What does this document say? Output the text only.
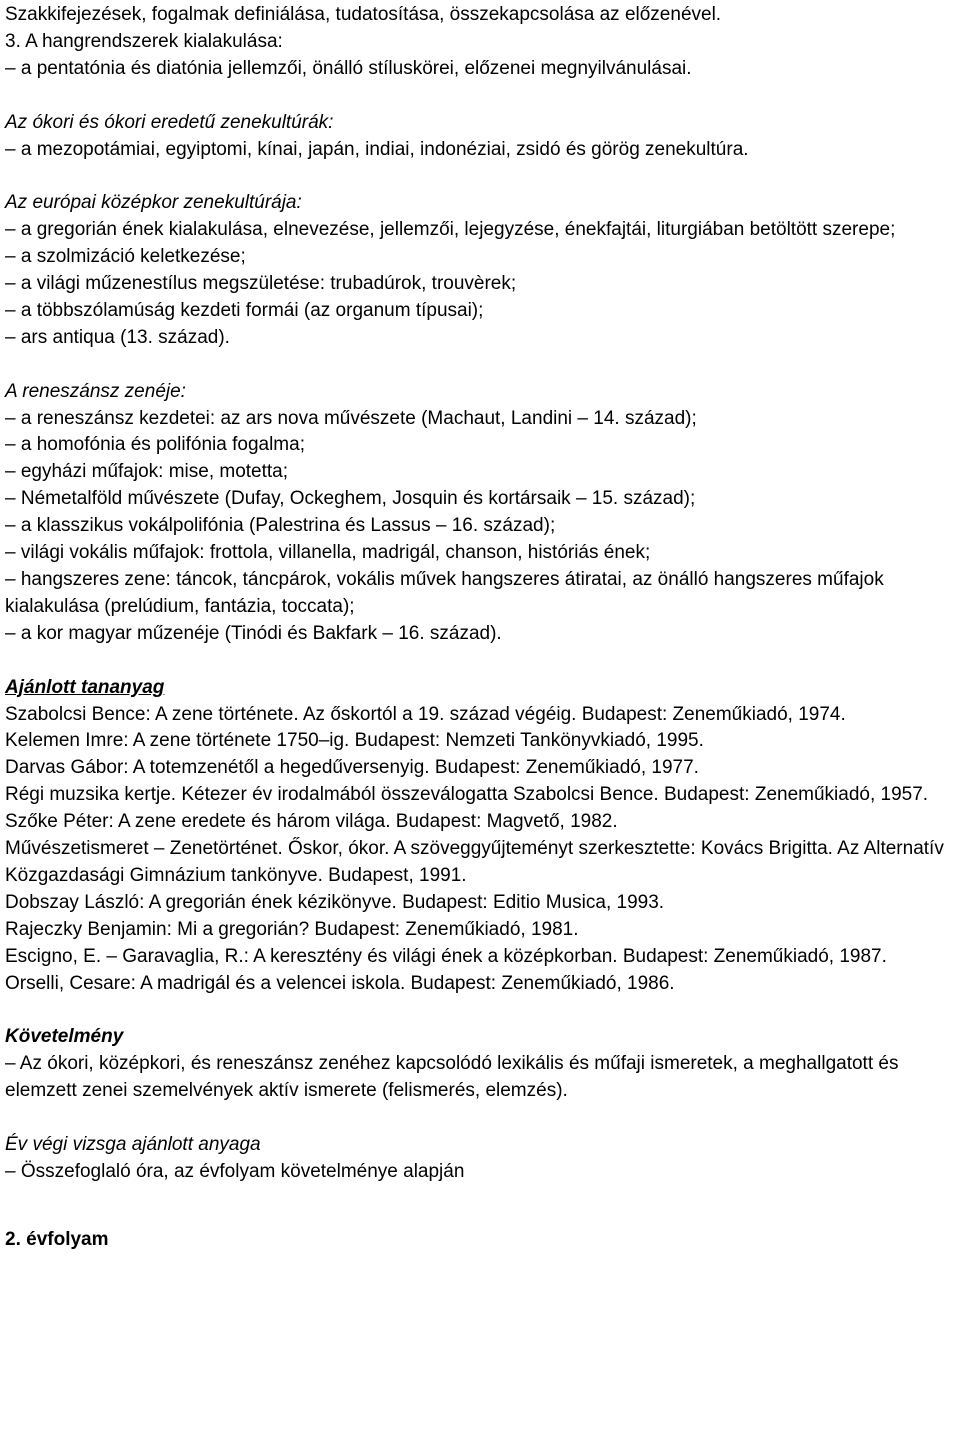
Szakkifejezések, fogalmak definiálása, tudatosítása, összekapcsolása az előzenével.
3. A hangrendszerek kialakulása:
– a pentatónia és diatónia jellemzői, önálló stíluskörei, előzenei megnyilvánulásai.
Az ókori és ókori eredetű zenekultúrák:
– a mezopotámiai, egyiptomi, kínai, japán, indiai, indonéziai, zsidó és görög zenekultúra.
Az európai középkor zenekultúrája:
– a gregorián ének kialakulása, elnevezése, jellemzői, lejegyzése, énekfajtái, liturgiában betöltött szerepe;
– a szolmizáció keletkezése;
– a világi műzenestílus megszületése: trubadúrok, trouvèrek;
– a többszólamúság kezdeti formái (az organum típusai);
– ars antiqua (13. század).
A reneszánsz zenéje:
– a reneszánsz kezdetei: az ars nova művészete (Machaut, Landini – 14. század);
– a homofónia és polifónia fogalma;
– egyházi műfajok: mise, motetta;
– Németalföld művészete (Dufay, Ockeghem, Josquin és kortársaik – 15. század);
– a klasszikus vokálpolifónia (Palestrina és Lassus – 16. század);
– világi vokális műfajok: frottola, villanella, madrigál, chanson, históriás ének;
– hangszeres zene: táncok, táncpárok, vokális művek hangszeres átiratai, az önálló hangszeres műfajok kialakulása (prelúdium, fantázia, toccata);
– a kor magyar műzenéje (Tinódi és Bakfark – 16. század).
Ajánlott tananyag
Szabolcsi Bence: A zene története. Az őskortól a 19. század végéig. Budapest: Zeneműkiadó, 1974.
Kelemen Imre: A zene története 1750–ig. Budapest: Nemzeti Tankönyvkiadó, 1995.
Darvas Gábor: A totemzenétől a hegedűversenyig. Budapest: Zeneműkiadó, 1977.
Régi muzsika kertje. Kétezer év irodalmából összeválogatta Szabolcsi Bence. Budapest: Zeneműkiadó, 1957.
Szőke Péter: A zene eredete és három világa. Budapest: Magvető, 1982.
Művészetismeret – Zenetörténet. Őskor, ókor. A szöveggyűjteményt szerkesztette: Kovács Brigitta. Az Alternatív Közgazdasági Gimnázium tankönyve. Budapest, 1991.
Dobszay László: A gregorián ének kézikönyve. Budapest: Editio Musica, 1993.
Rajeczky Benjamin: Mi a gregorián? Budapest: Zeneműkiadó, 1981.
Escigno, E. – Garavaglia, R.: A keresztény és világi ének a középkorban. Budapest: Zeneműkiadó, 1987.
Orselli, Cesare: A madrigál és a velencei iskola. Budapest: Zeneműkiadó, 1986.
Követelmény
– Az ókori, középkori, és reneszánsz zenéhez kapcsolódó lexikális és műfaji ismeretek, a meghallgatott és elemzett zenei szemelvények aktív ismerete (felismerés, elemzés).
Év végi vizsga ajánlott anyaga
– Összefoglaló óra, az évfolyam követelménye alapján
2. évfolyam
